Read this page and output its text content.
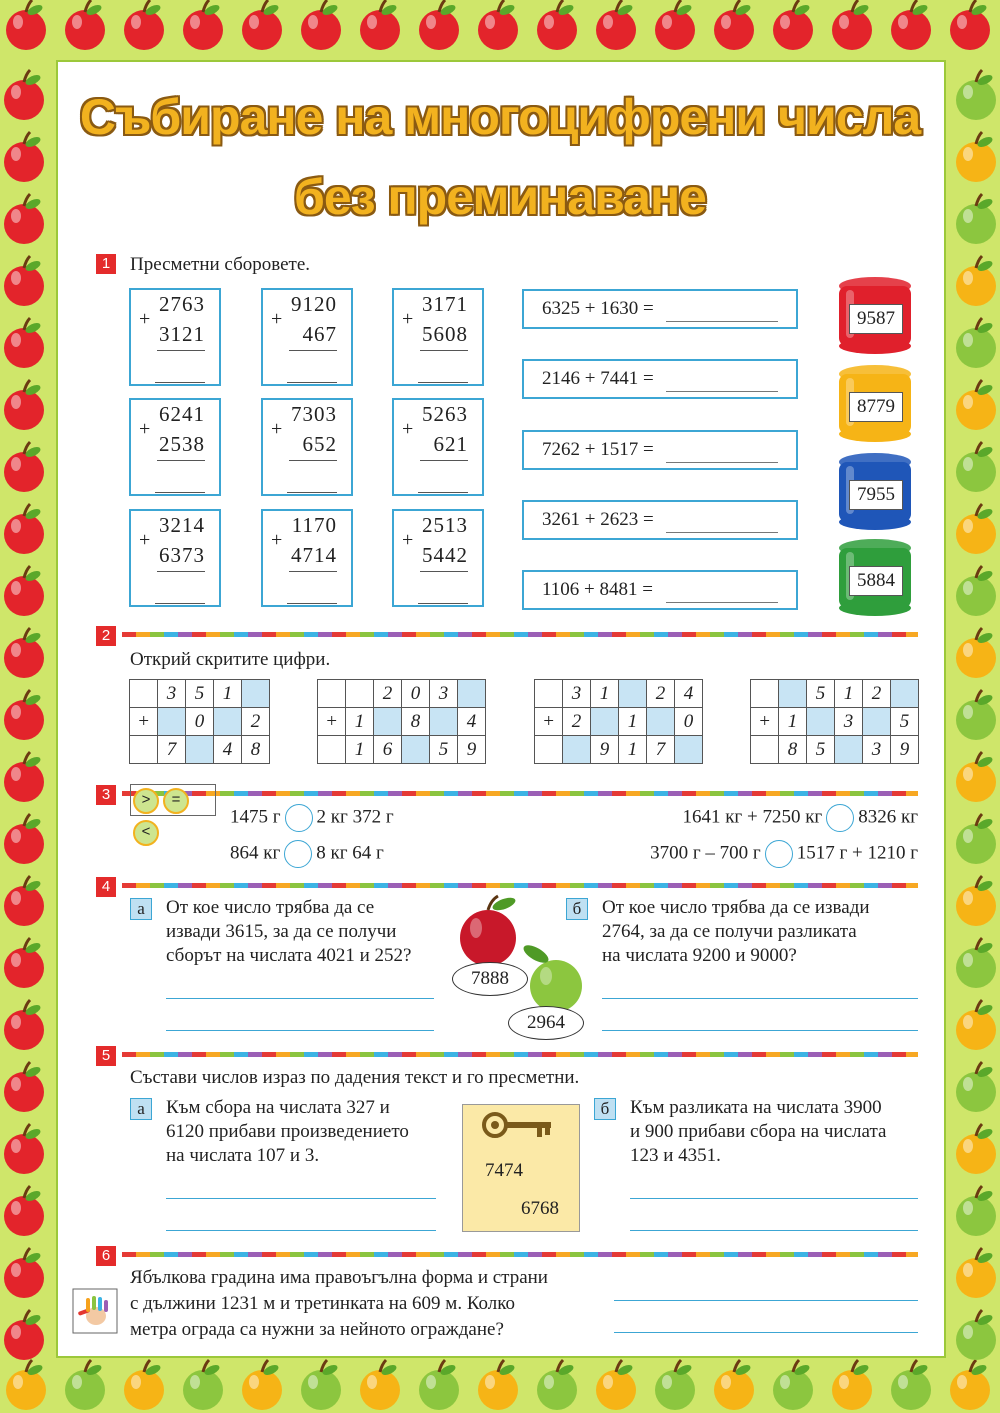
Събиране на многоцифрени числа
без преминаване
1	Пресметни сборовете.
+
2763
3121
+
9120
467
+
3171
5608
+
6241
2538
+
7303
652
+
5263
621
+
3214
6373
+
1170
4714
+
2513
5442
6325 + 1630 =
2146 + 7441 =
7262 + 1517 =
3261 + 2623 =
1106 + 8481 =
9587
8779
7955
5884
2
Открий скритите цифри.
	3	5	1	
+		0		2
	7		4	8
		2	0	3	
+	1		8		4
	1	6		5	9
	3	1		2	4
+	2		1		0
		9	1	7	
		5	1	2	
+	1		3		5
	8	5		3	9
3	> =<
1475 г 2 кг 372 г
864 кг 8 кг 64 г
1641 кг + 7250 кг 8326 кг
3700 г – 700 г 1517 г + 1210 г
4
а	От кое число трябва да се
извади 3615, за да се получи
сборът на числата 4021 и 252?
7888
2964
б	От кое число трябва да се извади
2764, за да се получи разликата
на числата 9200 и 9000?
5
Състави числов израз по дадения текст и го пресметни.
а	Към сбора на числата 327 и
6120 прибави произведението
на числата 107 и 3.
7474
6768
б	Към разликата на числата 3900
и 900 прибави сбора на числата
123 и 4351.
6
Ябълкова градина има правоъгълна форма и страни
с дължини 1231 м и третинката на 609 м. Колко
метра ограда са нужни за нейното ограждане?
